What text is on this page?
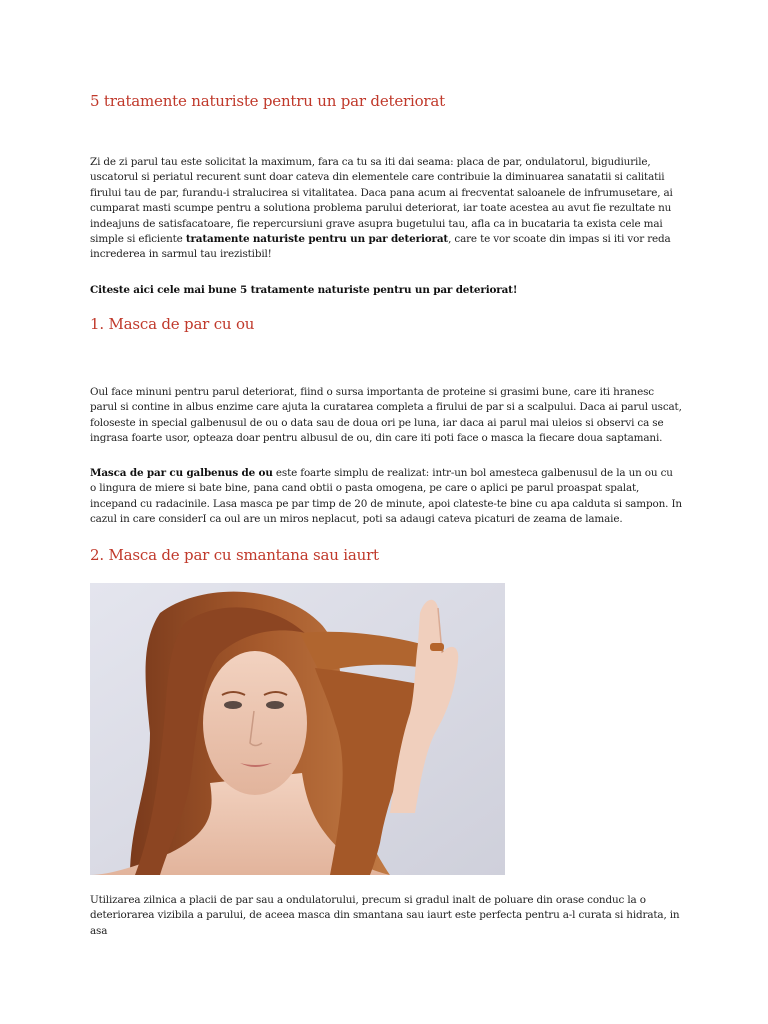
5 tratamente naturiste pentru un par deteriorat

Zi de zi parul tau este solicitat la maximum, fara ca tu sa iti dai seama: placa de par, ondulatorul, bigudiurile, uscatorul si periatul recurent sunt doar cateva din elementele care contribuie la diminuarea sanatatii si calitatii firului tau de par, furandu-i stralucirea si vitalitatea. Daca pana acum ai frecventat saloanele de infrumusetare, ai cumparat masti scumpe pentru a solutiona problema parului deteriorat, iar toate acestea au avut fie rezultate nu indeajuns de satisfacatoare, fie repercursiuni grave asupra bugetului tau, afla ca in bucataria ta exista cele mai simple si eficiente tratamente naturiste pentru un par deteriorat, care te vor scoate din impas si iti vor reda increderea in sarmul tau irezistibil!

Citeste aici cele mai bune 5 tratamente naturiste pentru un par deteriorat!

1. Masca de par cu ou

Oul face minuni pentru parul deteriorat, fiind o sursa importanta de proteine si grasimi bune, care iti hranesc parul si contine in albus enzime care ajuta la curatarea completa a firului de par si a scalpului. Daca ai parul uscat, foloseste in special galbenusul de ou o data sau de doua ori pe luna, iar daca ai parul mai uleios si observi ca se ingrasa foarte usor, opteaza doar pentru albusul de ou, din care iti poti face o masca la fiecare doua saptamani.

Masca de par cu galbenus de ou este foarte simplu de realizat: intr-un bol amesteca galbenusul de la un ou cu o lingura de miere si bate bine, pana cand obtii o pasta omogena, pe care o aplici pe parul proaspat spalat, incepand cu radacinile. Lasa masca pe par timp de 20 de minute, apoi clateste-te bine cu apa calduta si sampon. In cazul in care considerI ca oul are un miros neplacut, poti sa adaugi cateva picaturi de zeama de lamaie.

2. Masca de par cu smantana sau iaurt

Utilizarea zilnica a placii de par sau a ondulatorului, precum si gradul inalt de poluare din orase conduc la o deteriorarea vizibila a parului, de aceea masca din smantana sau iaurt este perfecta pentru a-l curata si hidrata, in asa
